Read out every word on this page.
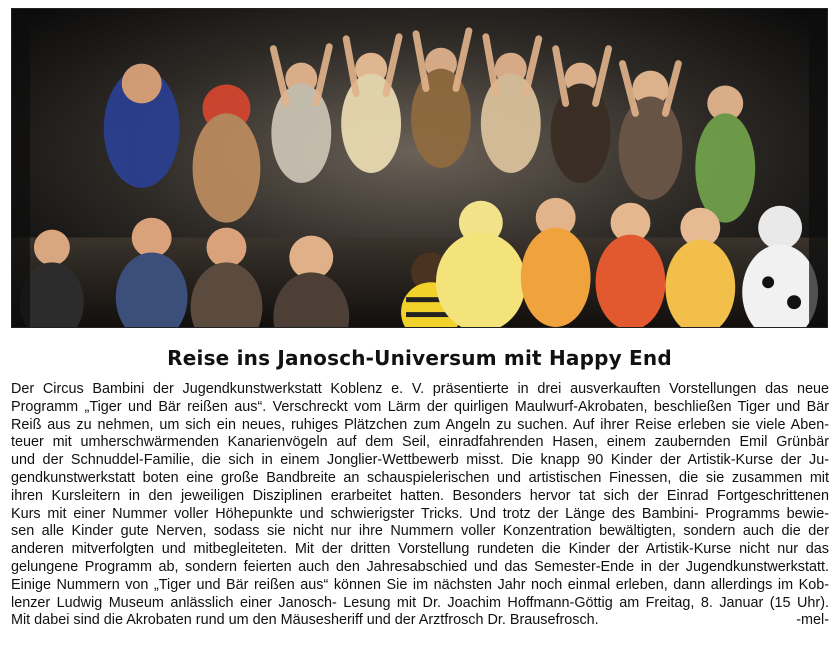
Reise ins Janosch-Universum mit Happy End
Der Circus Bambini der Jugendkunstwerkstatt Koblenz e. V. präsentierte in drei ausverkauften Vorstellungen das neue
Programm „Tiger und Bär reißen aus“. Verschreckt vom Lärm der quirligen Maulwurf-Akrobaten, beschließen Tiger und Bär
Reiß aus zu nehmen, um sich ein neues, ruhiges Plätzchen zum Angeln zu suchen. Auf ihrer Reise erleben sie viele Aben-
teuer mit umherschwärmenden Kanarienvögeln auf dem Seil, einradfahrenden Hasen, einem zaubernden Emil Grünbär
und der Schnuddel-Familie, die sich in einem Jonglier-Wettbewerb misst. Die knapp 90 Kinder der Artistik-Kurse der Ju-
gendkunstwerkstatt boten eine große Bandbreite an schauspielerischen und artistischen Finessen, die sie zusammen mit
ihren Kursleitern in den jeweiligen Disziplinen erarbeitet hatten. Besonders hervor tat sich der Einrad Fortgeschrittenen
Kurs mit einer Nummer voller Höhepunkte und schwierigster Tricks. Und trotz der Länge des Bambini- Programms bewie-
sen alle Kinder gute Nerven, sodass sie nicht nur ihre Nummern voller Konzentration bewältigten, sondern auch die der
anderen mitverfolgten und mitbegleiteten. Mit der dritten Vorstellung rundeten die Kinder der Artistik-Kurse nicht nur das
gelungene Programm ab, sondern feierten auch den Jahresabschied und das Semester-Ende in der Jugendkunstwerkstatt.
Einige Nummern von „Tiger und Bär reißen aus“ können Sie im nächsten Jahr noch einmal erleben, dann allerdings im Kob-
lenzer Ludwig Museum anlässlich einer Janosch- Lesung mit Dr. Joachim Hoffmann-Göttig am Freitag, 8. Januar (15 Uhr).
Mit dabei sind die Akrobaten rund um den Mäusesheriff und der Arztfrosch Dr. Brausefrosch.	-mel-
